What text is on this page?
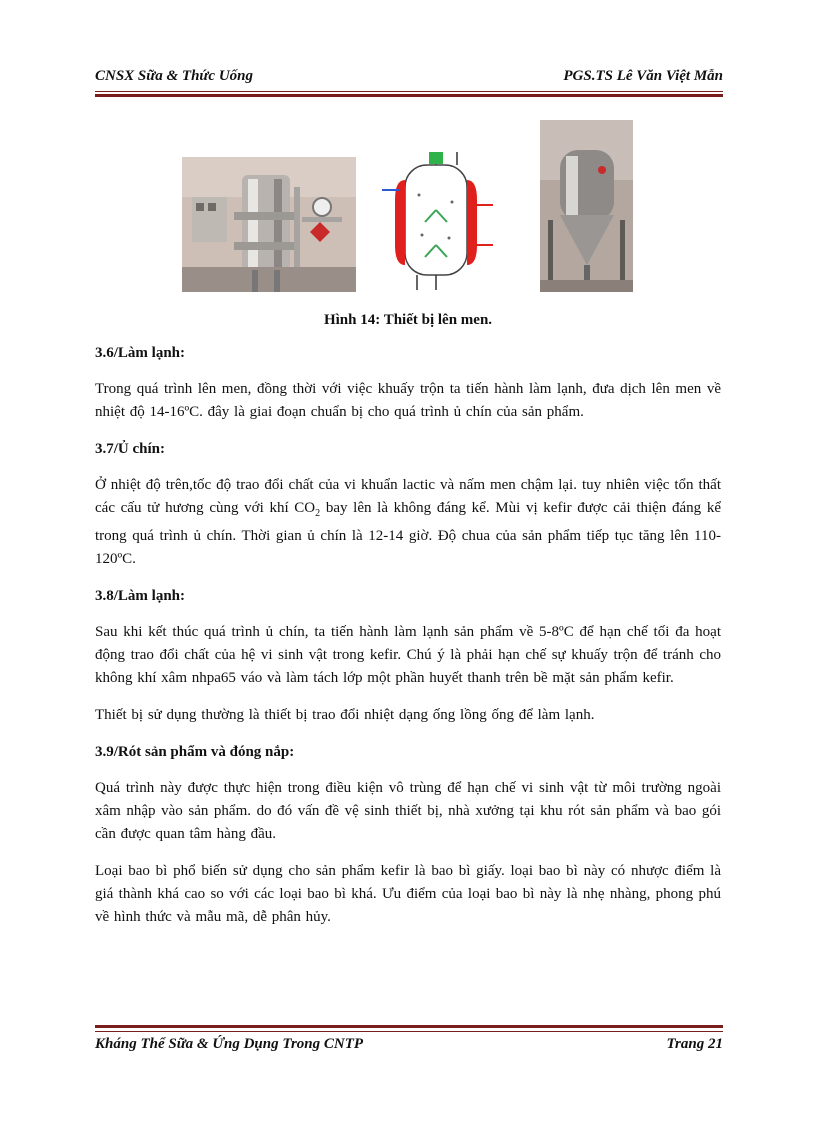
CNSX Sữa & Thức Uống	PGS.TS Lê Văn Việt Mẫn
Hình 14: Thiết bị lên men.
3.6/Làm lạnh:
Trong quá trình lên men, đồng thời với việc khuấy trộn ta tiến hành làm lạnh, đưa dịch lên men về nhiệt độ 14-16ºC. đây là giai đoạn chuẩn bị cho quá trình ủ chín của sản phẩm.
3.7/Ủ chín:
Ở nhiệt độ trên,tốc độ trao đổi chất của vi khuẩn lactic và nấm men chậm lại. tuy nhiên việc tổn thất các cấu tử hương cùng với khí $CO_2$ bay lên là không đáng kể. Mùi vị kefir được cải thiện đáng kể trong quá trình ủ chín. Thời gian ủ chín là 12-14 giờ. Độ chua của sản phẩm tiếp tục tăng lên 110-120ºC.
3.8/Làm lạnh:
Sau khi kết thúc quá trình ủ chín, ta tiến hành làm lạnh sản phẩm về 5-8ºC để hạn chế tối đa hoạt động trao đổi chất của hệ vi sinh vật trong kefir. Chú ý là phải hạn chế sự khuấy trộn để tránh cho không khí xâm nhpa65 váo và làm tách lớp một phần huyết thanh trên bề mặt sản phẩm kefir.
Thiết bị sử dụng thường là thiết bị trao đổi nhiệt dạng ống lồng ống để làm lạnh.
3.9/Rót sản phẩm và đóng nắp:
Quá trình này được thực hiện trong điều kiện vô trùng để hạn chế vi sinh vật từ môi trường ngoài xâm nhập vào sản phẩm. do đó vấn đề vệ sinh thiết bị, nhà xưởng tại khu rót sản phẩm và bao gói cần được quan tâm hàng đầu.
Loại bao bì phổ biến sử dụng cho sản phẩm kefir là bao bì giấy. loại bao bì này có nhược điểm là giá thành khá cao so với các loại bao bì khá. Ưu điểm của loại bao bì này là nhẹ nhàng, phong phú về hình thức và mẫu mã, dễ phân hủy.
Kháng Thể Sữa & Ứng Dụng Trong CNTP	Trang 21
